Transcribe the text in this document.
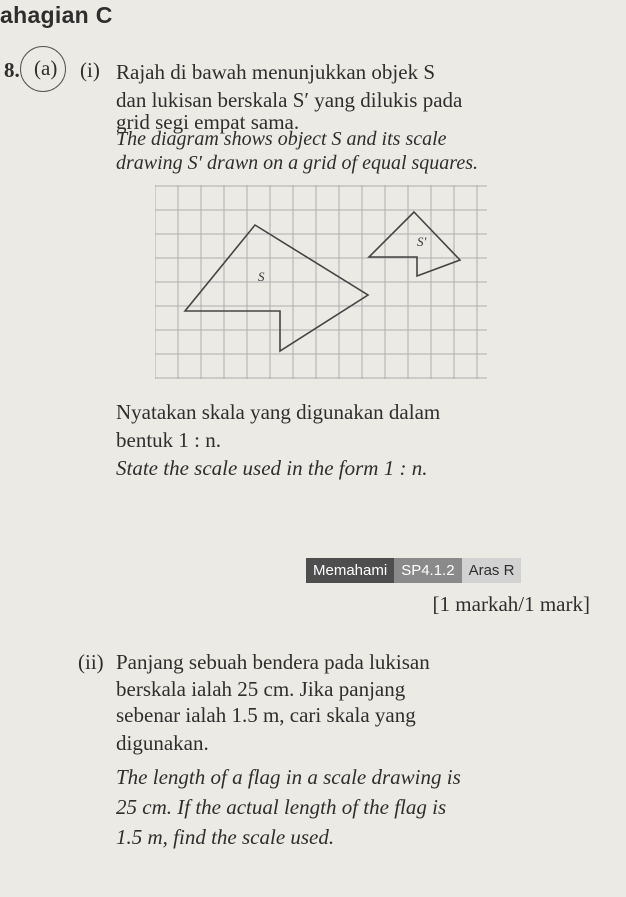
ahagian C
8. (a) (i) Rajah di bawah menunjukkan objek S
dan lukisan berskala S′ yang dilukis pada
grid segi empat sama.
The diagram shows object S and its scale
drawing S′ drawn on a grid of equal squares.
S
S′
Nyatakan skala yang digunakan dalam
bentuk 1 : n.
State the scale used in the form 1 : n.
Memahami SP4.1.2 Aras R
[1 markah/1 mark]
(ii) Panjang sebuah bendera pada lukisan
berskala ialah 25 cm. Jika panjang
sebenar ialah 1.5 m, cari skala yang
digunakan.
The length of a flag in a scale drawing is
25 cm. If the actual length of the flag is
1.5 m, find the scale used.
